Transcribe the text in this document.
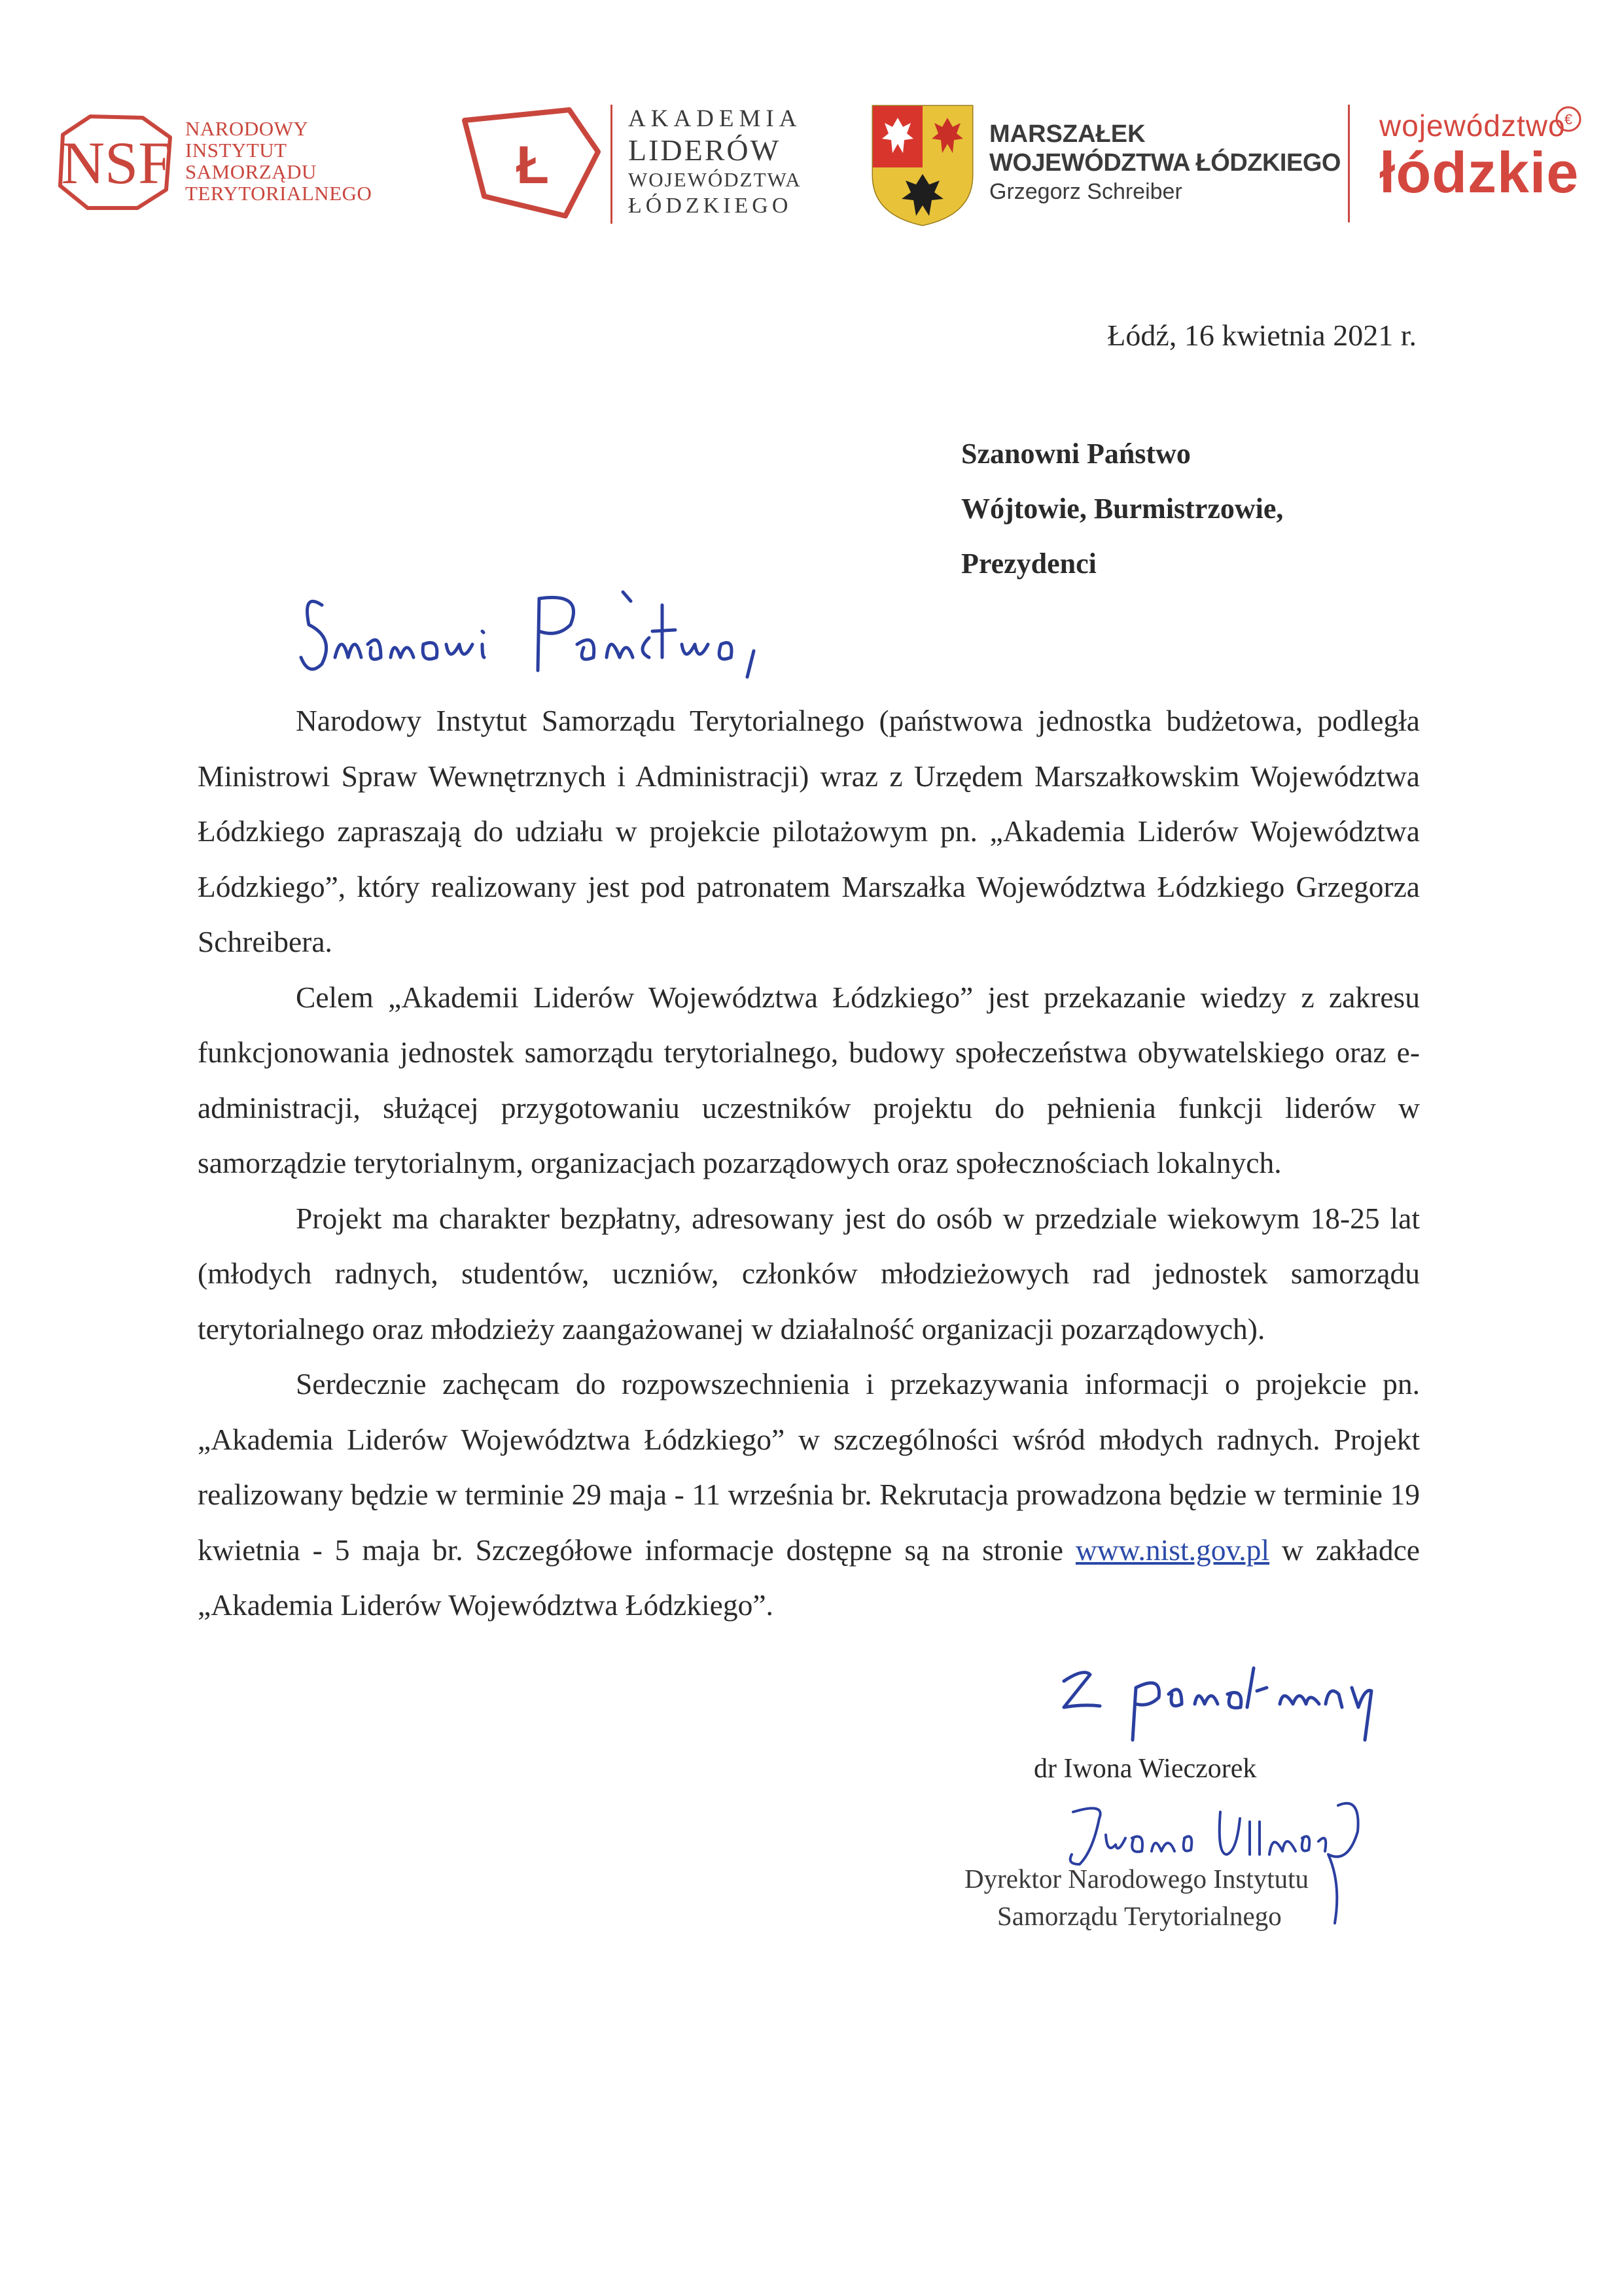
NSF
NARODOWY
INSTYTUT
SAMORZĄDU
TERYTORIALNEGO	Ł
AKADEMIA
LIDERÓW
WOJEWÓDZTWA
ŁÓDZKIEGO
MARSZAŁEK
WOJEWÓDZTWA ŁÓDZKIEGO
Grzegorz Schreiber
województwo
łódzkie
€
Łódź, 16 kwietnia 2021 r.
Szanowni Państwo
Wójtowie, Burmistrzowie,
Prezydenci

Narodowy Instytut Samorządu Terytorialnego (państwowa jednostka budżetowa, podległa Ministrowi Spraw Wewnętrznych i Administracji) wraz z Urzędem Marszałkowskim Województwa Łódzkiego zapraszają do udziału w projekcie pilotażowym pn. „Akademia Liderów Województwa Łódzkiego”, który realizowany jest pod patronatem Marszałka Województwa Łódzkiego Grzegorza Schreibera.

Celem „Akademii Liderów Województwa Łódzkiego” jest przekazanie wiedzy z zakresu funkcjonowania jednostek samorządu terytorialnego, budowy społeczeństwa obywatelskiego oraz e-administracji, służącej przygotowaniu uczestników projektu do pełnienia funkcji liderów w samorządzie terytorialnym, organizacjach pozarządowych oraz społecznościach lokalnych.

Projekt ma charakter bezpłatny, adresowany jest do osób w przedziale wiekowym 18-25 lat (młodych radnych, studentów, uczniów, członków młodzieżowych rad jednostek samorządu terytorialnego oraz młodzieży zaangażowanej w działalność organizacji pozarządowych).

Serdecznie zachęcam do rozpowszechnienia i przekazywania informacji o projekcie pn. „Akademia Liderów Województwa Łódzkiego” w szczególności wśród młodych radnych. Projekt realizowany będzie w terminie 29 maja - 11 września br. Rekrutacja prowadzona będzie w terminie 19 kwietnia - 5 maja br. Szczegółowe informacje dostępne są na stronie www.nist.gov.pl w zakładce „Akademia Liderów Województwa Łódzkiego”.

dr Iwona Wieczorek
Dyrektor Narodowego Instytutu
Samorządu Terytorialnego
